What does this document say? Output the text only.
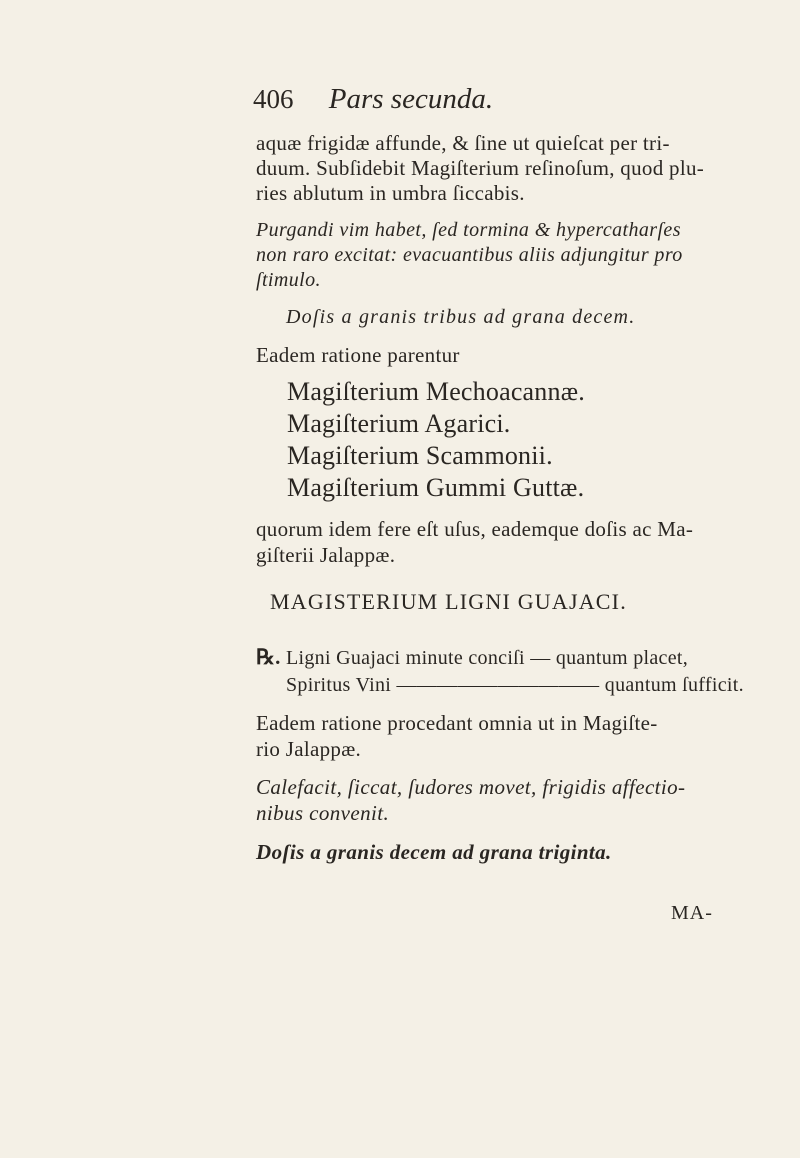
406 Pars secunda.
aquæ frigidæ affunde, & ſine ut quieſcat per tri-
duum. Subſidebit Magiſterium reſinoſum, quod plu-
ries ablutum in umbra ſiccabis.
Purgandi vim habet, ſed tormina & hypercatharſes
non raro excitat: evacuantibus aliis adjungitur pro
ſtimulo.
Doſis a granis tribus ad grana decem.
Eadem ratione parentur
Magiſterium Mechoacannæ.
Magiſterium Agarici.
Magiſterium Scammonii.
Magiſterium Gummi Guttæ.
quorum idem fere eſt uſus, eademque doſis ac Ma-
giſterii Jalappæ.
MAGISTERIUM LIGNI GUAJACI.
℞. Ligni Guajaci minute conciſi — quantum placet,
Spiritus Vini —————————— quantum ſufficit.
Eadem ratione procedant omnia ut in Magiſte-
rio Jalappæ.
Calefacit, ſiccat, ſudores movet, frigidis affectio-
nibus convenit.
Doſis a granis decem ad grana triginta.
MA-
